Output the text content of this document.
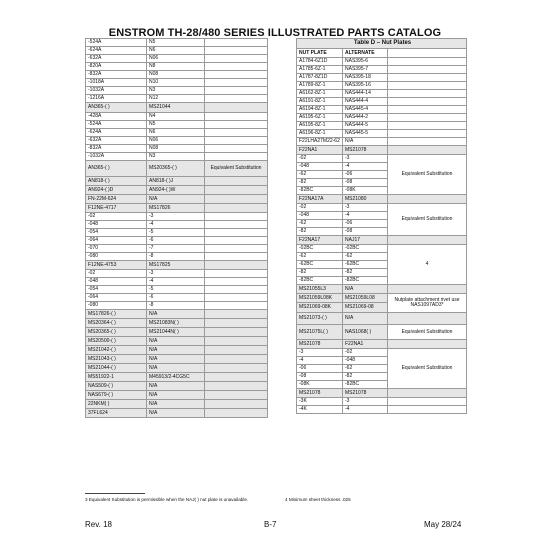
ENSTROM TH-28/480 SERIES ILLUSTRATED PARTS CATALOG
-524A	N5	
-624A	N6	
-632A	N06	
-820A	N8	
-832A	N08	
-1018A	N10	
-1032A	N3	
-1216A	N12	
AN365-( )	MS21044	
-428A	N4	
-524A	N5	
-624A	N6	
-632A	N06	
-832A	N08	
-1032A	N3	
AN365-( )	MS20365-( )	Equivalent Substitution
AN818-( )	AN818-( )J	
AN924-( )D	AN924-( )W	
FN-22M-624	N/A	
F12NE-4717	MS17826	
-02	-3	
-048	-4	
-054	-5	
-064	-6	
-070	-7	
-080	-8	
F12NE-4753	MS17825	
-02	-3	
-048	-4	
-054	-5	
-064	-6	
-080	-8	
MS17826-( )	N/A	
MS20364-( )	MS21083N( )	
MS20365-( )	MS21044N( )	
MS20500-( )	N/A	
MS21042-( )	N/A	
MS21043-( )	N/A	
MS21044-( )	N/A	
MS51922-1	M45913/2-4CG5C	
NAS509-( )	N/A	
NAS679-( )	N/A	
22NKM( )	N/A	
37FL624	N/A	
Table D – Nut Plates		
NUT PLATE	ALTERNATE	
A1784-6Z1D	NAS395-6	
A1785-6Z-1	NAS395-7	
A1787-8Z1D	NAS395-18	
A1789-8Z-1	NAS395-16	
A6162-8Z-1	NAS444-14	
A6191-8Z-1	NAS444-4	
A6194-8Z-1	NAS445-4	
A6195-6Z-1	NAS444-2	
A6195-8Z-1	NAS444-5	
A6196-8Z-1	NAS445-5	
F22LHA27M22-62	N/A	
F22NA1	MS21078	
-02	-3	Equivalent Substitution
-048	-4	
-62	-06	
-82	-08	
-82BC	-08K	
F22NA17A	MS21080	
-02	-3	Equivalent Substitution
-048	-4	
-62	-06	
-82	-08	
F22NA17	NAJ17	
-02BC	-02BC	4
-62	-62	
-62BC	-62BC	
-82	-82	
-82BC	-82BC	
MS21055L3	N/A	
MS21059L08K	MS21059L08	Nutplate attachment rivet use NAS1097AD3*
MS21069-08K	MS21069-08	
MS21073-( )	N/A	
MS21075L( )	NAS1068( )	Equivalent Substitution
MS21078	F22NA1	
-3	-02	Equivalent Substitution
-4	-048	
-06	-62	
-08	-82	
-08K	-82BC	
MS21078	MS21078	
-3K	-3	
-4K	-4	
3 Equivalent Substitution is permissible when the NAJ( ) nut plate is unavailable.	4 Minimum sheet thickness .025
Rev. 18	B-7	May 28/24
